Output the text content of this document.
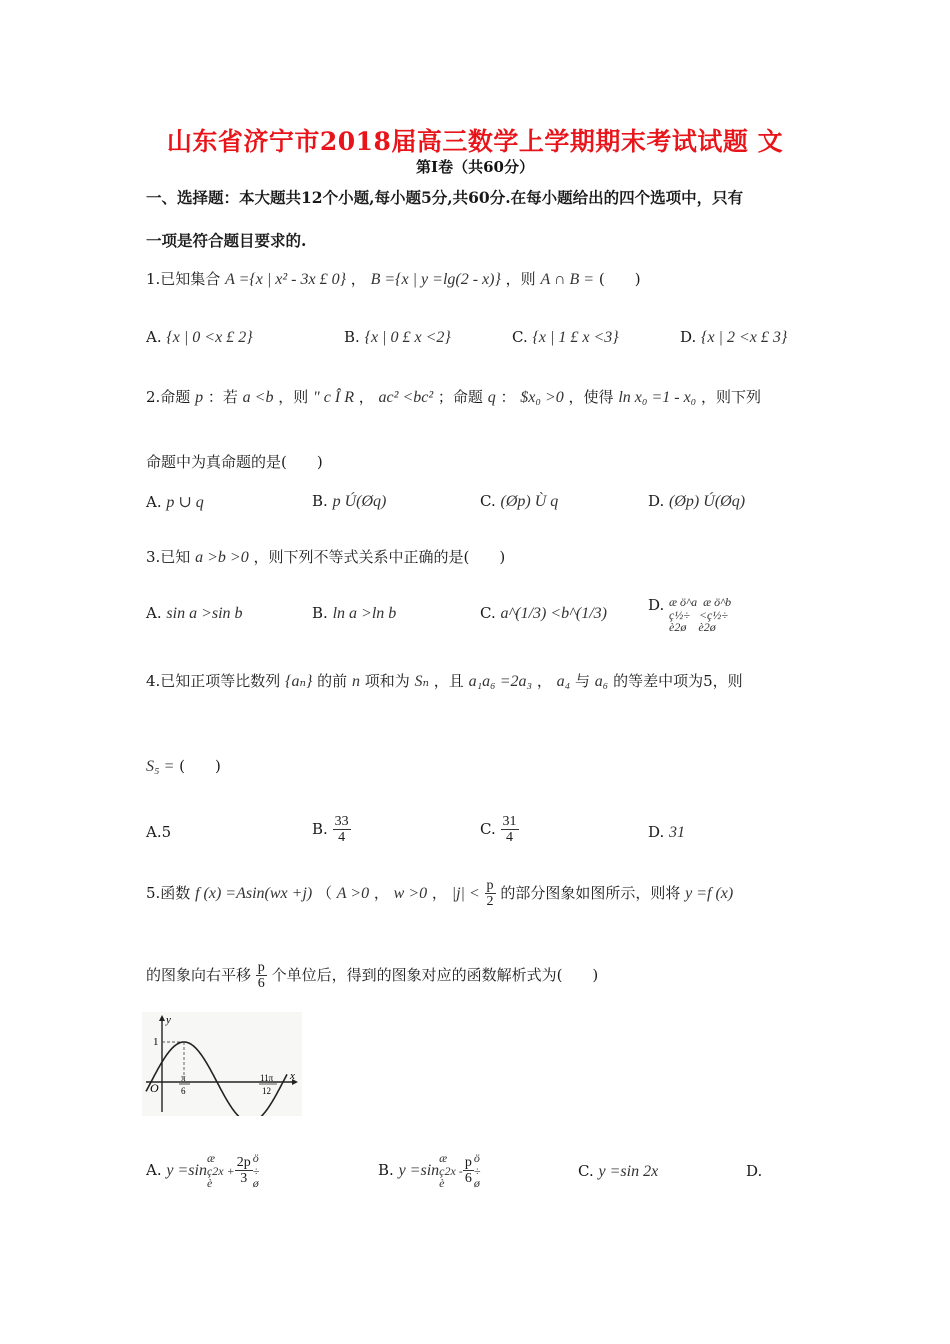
山东省济宁市2018届高三数学上学期期末考试试题 文
第Ⅰ卷（共60分）
一、选择题：本大题共12个小题,每小题5分,共60分.在每小题给出的四个选项中，只有
一项是符合题目要求的.
1.已知集合 A ={x | x² - 3x £ 0} ， B ={x | y =lg(2 - x)} ，则 A ∩ B = (　　)
A. {x | 0 <x £ 2}	B. {x | 0 £ x <2}	C. {x | 1 £ x <3}	D. {x | 2 <x £ 3}
2.命题 p ：若 a <b ，则 " c Î R ， ac² <bc² ；命题 q ： $x₀ >0 ，使得 ln x₀ =1 - x₀ ，则下列
命题中为真命题的是(　　)
A. p ∪ q	B. p Ú(Øq)	C. (Øp) Ù q	D. (Øp) Ú(Øq)
3.已知 a >b >0 ，则下列不等式关系中正确的是(　　)
A. sin a >sin b	B. ln a >ln b	C. a^(1/3) <b^(1/3)	D. æ ö^a  æ ö^b
ç½÷   <ç½÷
è2ø    è2ø
4.已知正项等比数列 {aₙ} 的前 n 项和为 Sₙ ，且 a₁a₆ =2a₃ ， a₄ 与 a₆ 的等差中项为5，则
S₅ = (　　)
A.5	B. $\frac{33}{4}$	C. $\frac{31}{4}$	D. 31
5.函数 f (x) =Asin(wx +j) （ A >0 ， w >0 ， $|j| < \frac{p}{2}$ 的部分图象如图所示，则将 y =f (x)
的图象向右平移 $\frac{p}{6}$ 个单位后，得到的图象对应的函数解析式为(　　)
y
x
O
1
π
6
11π
12
A. y =sinæ
ç2x +
è $\frac{2p}{3}$ ö
÷
ø
B. y =sinæ
ç2x -
è $\frac{p}{6}$ ö
÷
ø
C. y =sin 2x	D.
